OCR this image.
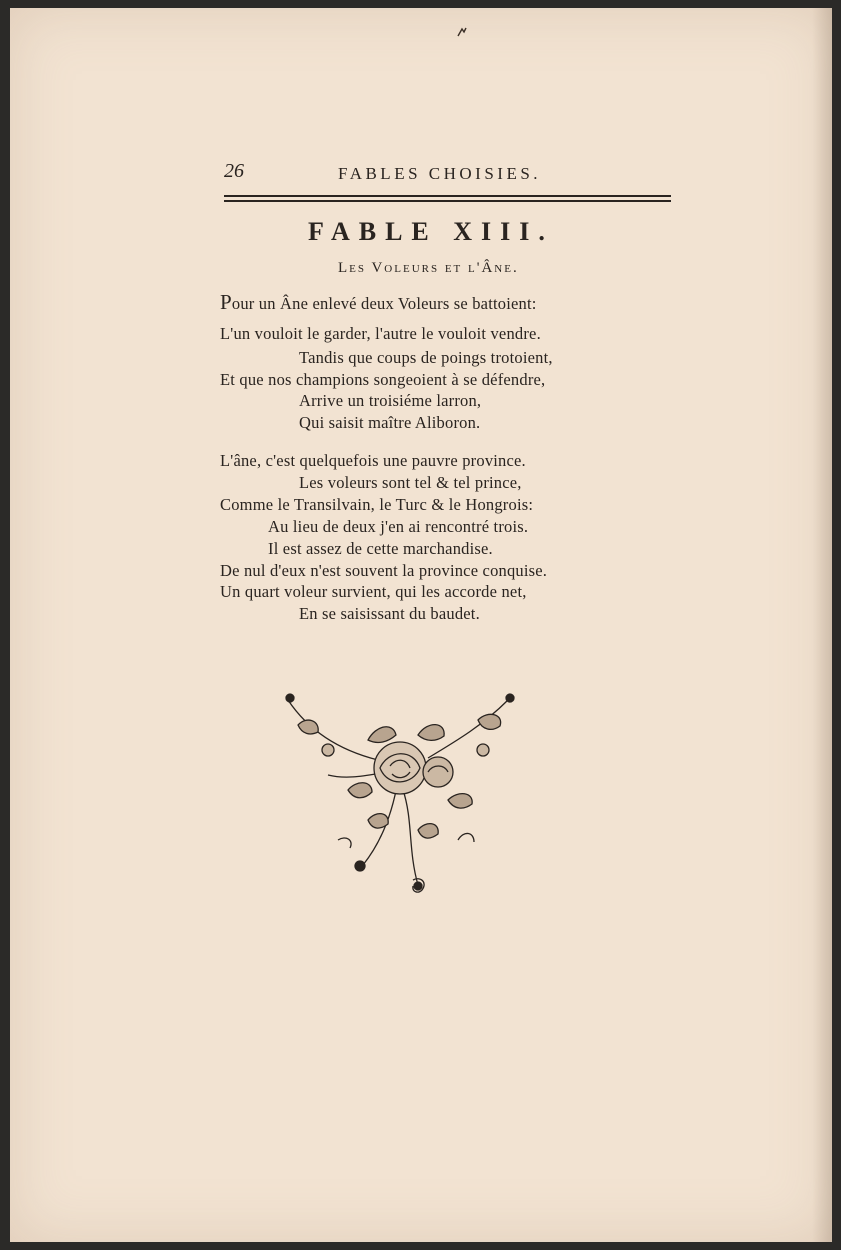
26	FABLES CHOISIES.
FABLE XIII.
Les Voleurs et l'Âne.
Pour un Âne enlevé deux Voleurs se battoient:
L'un vouloit le garder, l'autre le vouloit vendre.
Tandis que coups de poings trotoient,
Et que nos champions songeoient à se défendre,
Arrive un troisiéme larron,
Qui saisit maître Aliboron.
L'âne, c'est quelquefois une pauvre province.
Les voleurs sont tel & tel prince,
Comme le Transilvain, le Turc & le Hongrois:
Au lieu de deux j'en ai rencontré trois.
Il est assez de cette marchandise.
De nul d'eux n'est souvent la province conquise.
Un quart voleur survient, qui les accorde net,
En se saisissant du baudet.
